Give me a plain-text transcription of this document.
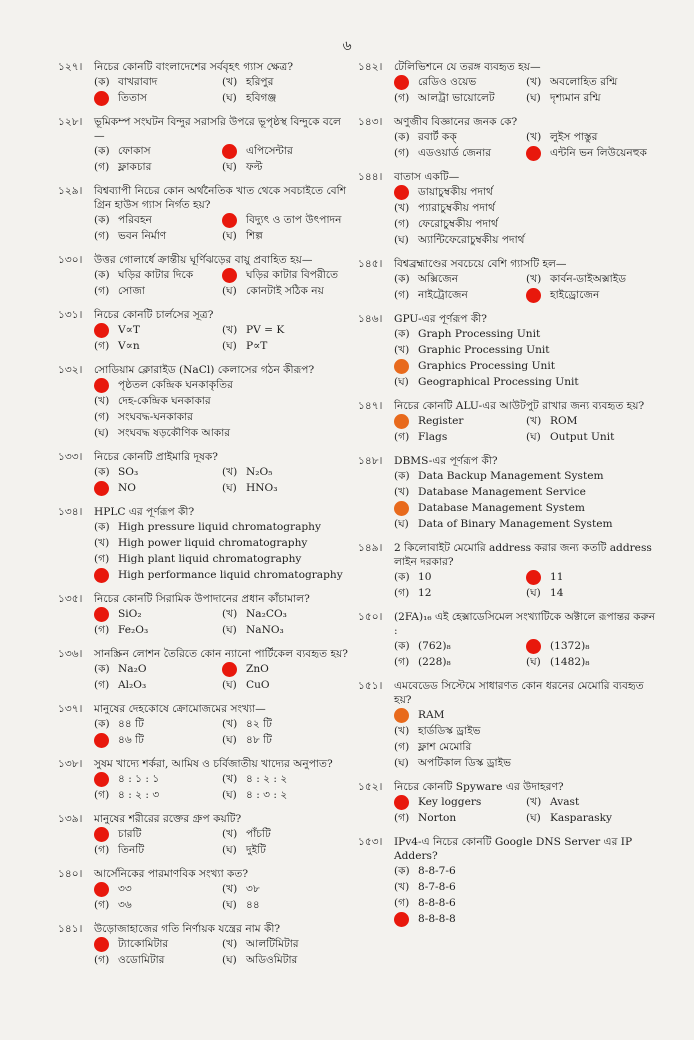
৬
১২৭।	নিচের কোনটি বাংলাদেশের সর্ববৃহৎ গ্যাস ক্ষেত্র?
(ক) বাখরাবাদ	(খ) হরিপুর
তিতাস	(ঘ) হবিগঞ্জ
১২৮।	ভূমিকম্প সংঘটন বিন্দুর সরাসরি উপরে ভূপৃষ্ঠস্থ বিন্দুকে বলে—
(ক) ফোকাস	এপিসেন্টার
(গ) ফ্লাকচার	(ঘ) ফল্ট
১২৯।	বিশ্বব্যাপী নিচের কোন অর্থনৈতিক খাত থেকে সবচাইতে বেশি গ্রিন হাউস গ্যাস নির্গত হয়?
(ক) পরিবহন	বিদ্যুৎ ও তাপ উৎপাদন
(গ) ভবন নির্মাণ	(ঘ) শিল্প
১৩০।	উত্তর গোলার্ধে ক্রান্তীয় ঘূর্ণিঝড়ের বায়ু প্রবাহিত হয়—
(ক) ঘড়ির কাটার দিকে	ঘড়ির কাটার বিপরীতে
(গ) সোজা	(ঘ) কোনটাই সঠিক নয়
১৩১।	নিচের কোনটি চার্লসের সূত্র?
V∝T	(খ) PV = K
(গ) V∝n	(ঘ) P∝T
১৩২।	সোডিয়াম ক্লোরাইড (NaCl) কেলাসের গঠন কীরূপ?
পৃষ্ঠতল কেন্দ্রিক ঘনকাকৃতির
(খ) দেহ-কেন্দ্রিক ঘনকাকার
(গ) সংঘবদ্ধ-ঘনকাকার
(ঘ) সংঘবদ্ধ ষড়কৌণিক আকার
১৩৩।	নিচের কোনটি প্রাইমারি দূষক?
(ক) SO₃	(খ) N₂O₅
NO	(ঘ) HNO₃
১৩৪।	HPLC এর পূর্ণরূপ কী?
(ক) High pressure liquid chromatography
(খ) High power liquid chromatography
(গ) High plant liquid chromatography
High performance liquid chromatography
১৩৫।	নিচের কোনটি সিরামিক উপাদানের প্রধান কাঁচামাল?
SiO₂	(খ) Na₂CO₃
(গ) Fe₂O₃	(ঘ) NaNO₃
১৩৬।	সানস্ক্রিন লোশন তৈরিতে কোন ন্যানো পার্টিকেল ব্যবহৃত হয়?
(ক) Na₂O	ZnO
(গ) Al₂O₃	(ঘ) CuO
১৩৭।	মানুষের দেহকোষে ক্রোমোজমের সংখ্যা—
(ক) ৪৪ টি	(খ) ৪২ টি
৪৬ টি	(ঘ) ৪৮ টি
১৩৮।	সুষম খাদ্যে শর্করা, আমিষ ও চর্বিজাতীয় খাদ্যের অনুপাত?
৪ : ১ : ১	(খ) ৪ : ২ : ২
(গ) ৪ : ২ : ৩	(ঘ) ৪ : ৩ : ২
১৩৯।	মানুষের শরীরের রক্তের গ্রুপ কয়টি?
চারটি	(খ) পাঁচটি
(গ) তিনটি	(ঘ) দুইটি
১৪০।	আর্সেনিকের পারমাণবিক সংখ্যা কত?
৩৩	(খ) ৩৮
(গ) ৩৬	(ঘ) ৪৪
১৪১।	উড়োজাহাজের গতি নির্ণায়ক যন্ত্রের নাম কী?
ট্যাকোমিটার	(খ) আলটিমিটার
(গ) ওডোমিটার	(ঘ) অডিওমিটার
১৪২।	টেলিভিশনে যে তরঙ্গ ব্যবহৃত হয়—
রেডিও ওয়েভ	(খ) অবলোহিত রশ্মি
(গ) আলট্রা ভায়োলেট	(ঘ) দৃশ্যমান রশ্মি
১৪৩।	অণুজীব বিজ্ঞানের জনক কে?
(ক) রবার্ট কক্	(খ) লুইস পাস্তুর
(গ) এডওয়ার্ড জেনার	এন্টনি ভন লিউয়েনহুক
১৪৪।	বাতাস একটি—
ডায়াচুম্বকীয় পদার্থ
(খ) প্যারাচুম্বকীয় পদার্থ
(গ) ফেরোচুম্বকীয় পদার্থ
(ঘ) অ্যান্টিফেরোচুম্বকীয় পদার্থ
১৪৫।	বিশ্বব্রহ্মাণ্ডের সবচেয়ে বেশি গ্যাসটি হল—
(ক) অক্সিজেন	(খ) কার্বন-ডাইঅক্সাইড
(গ) নাইট্রোজেন	হাইড্রোজেন
১৪৬।	GPU-এর পূর্ণরূপ কী?
(ক) Graph Processing Unit
(খ) Graphic Processing Unit
Graphics Processing Unit
(ঘ) Geographical Processing Unit
১৪৭।	নিচের কোনটি ALU-এর আউটপুট রাখার জন্য ব্যবহৃত হয়?
Register	(খ) ROM
(গ) Flags	(ঘ) Output Unit
১৪৮।	DBMS-এর পূর্ণরূপ কী?
(ক) Data Backup Management System
(খ) Database Management Service
Database Management System
(ঘ) Data of Binary Management System
১৪৯।	2 কিলোবাইট মেমোরি address করার জন্য কতটি address লাইন দরকার?
(ক) 10	11
(গ) 12	(ঘ) 14
১৫০।	(2FA)₁₆ এই হেক্সাডেসিমেল সংখ্যাটিকে অক্টালে রূপান্তর করুন :
(ক) (762)₈	(1372)₈
(গ) (228)₈	(ঘ) (1482)₈
১৫১।	এমবেডেড সিস্টেমে সাধারণত কোন ধরনের মেমোরি ব্যবহৃত হয়?
RAM
(খ) হার্ডডিস্ক ড্রাইভ
(গ) ফ্লাশ মেমোরি
(ঘ) অপটিকাল ডিস্ক ড্রাইভ
১৫২।	নিচের কোনটি Spyware এর উদাহরণ?
Key loggers	(খ) Avast
(গ) Norton	(ঘ) Kasparasky
১৫৩।	IPv4-এ নিচের কোনটি Google DNS Server এর IP Adders?
(ক) 8-8-7-6
(খ) 8-7-8-6
(গ) 8-8-8-6
8-8-8-8
